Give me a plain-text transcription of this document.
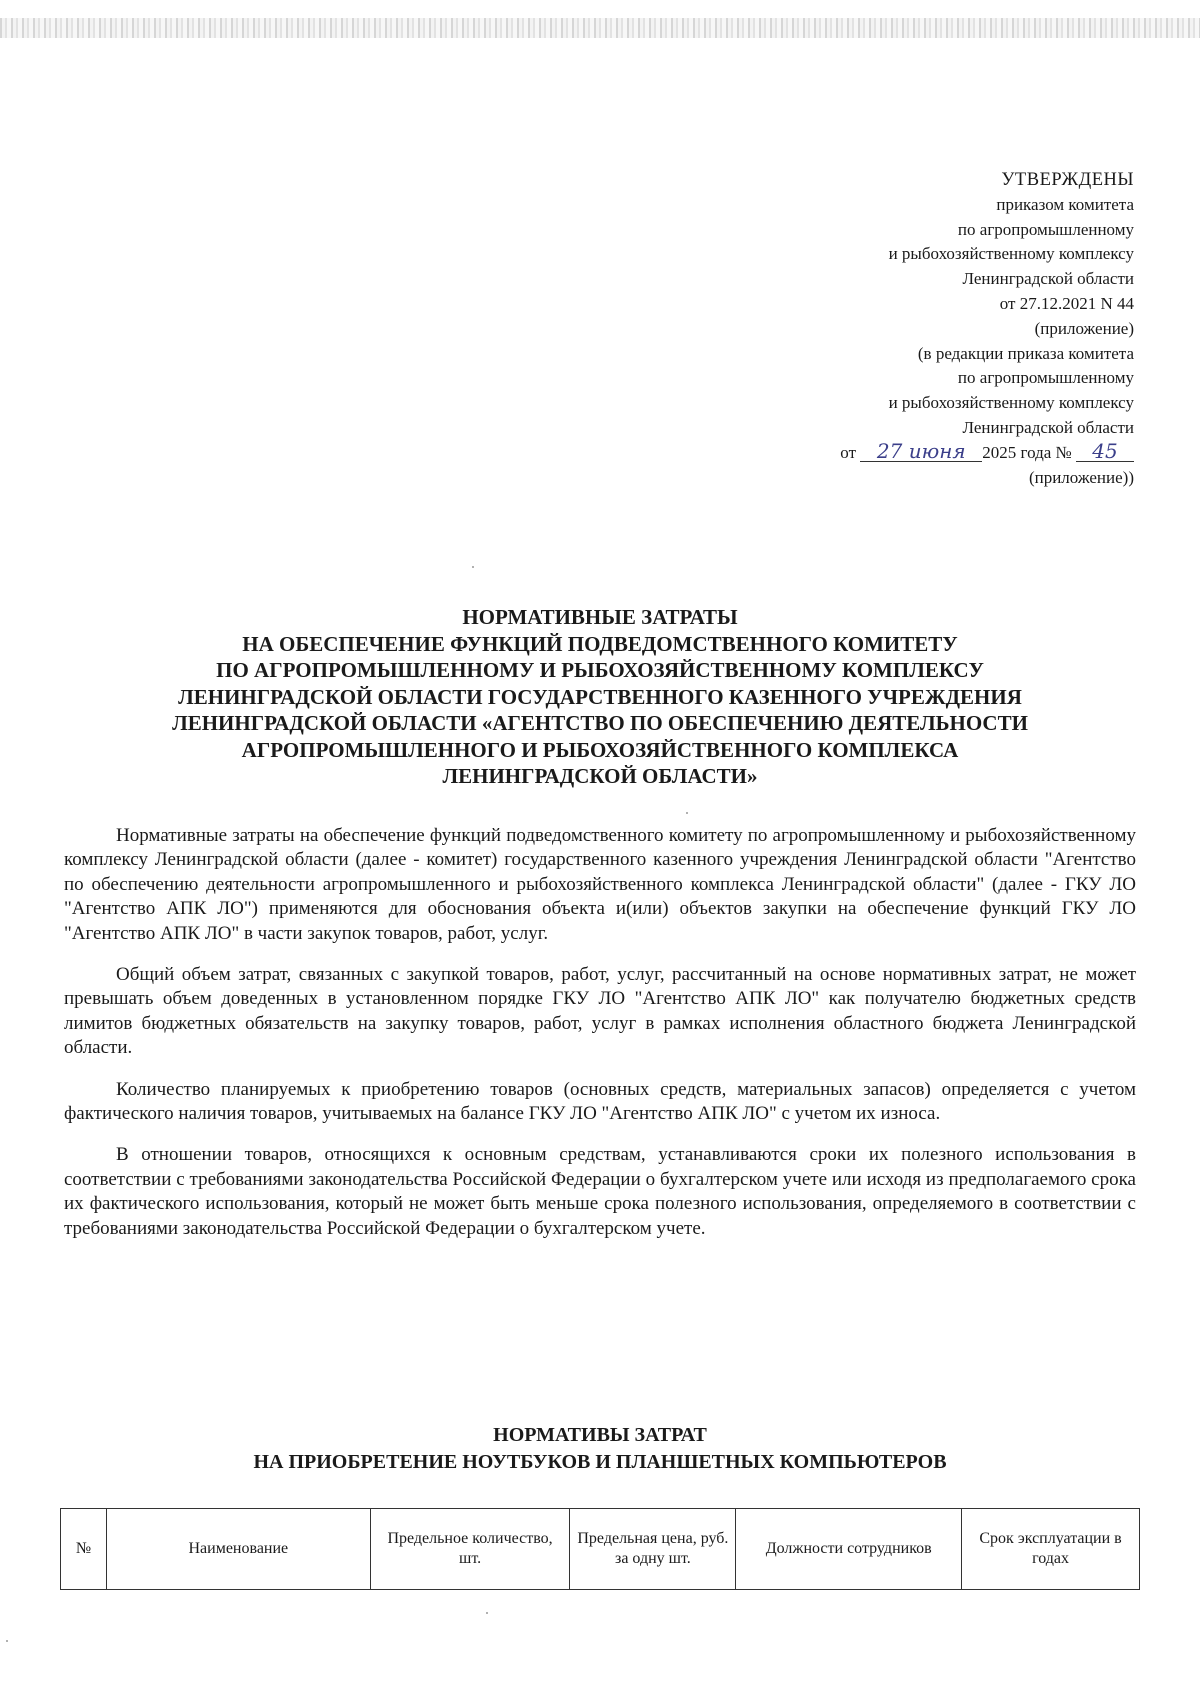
УТВЕРЖДЕНЫ
приказом комитета
по агропромышленному
и рыбохозяйственному комплексу
Ленинградской области
от 27.12.2021 N 44
(приложение)
(в редакции приказа комитета
по агропромышленному
и рыбохозяйственному комплексу
Ленинградской области
от 27 июня 2025 года № 45
(приложение))
НОРМАТИВНЫЕ ЗАТРАТЫ
НА ОБЕСПЕЧЕНИЕ ФУНКЦИЙ ПОДВЕДОМСТВЕННОГО КОМИТЕТУ
ПО АГРОПРОМЫШЛЕННОМУ И РЫБОХОЗЯЙСТВЕННОМУ КОМПЛЕКСУ
ЛЕНИНГРАДСКОЙ ОБЛАСТИ ГОСУДАРСТВЕННОГО КАЗЕННОГО УЧРЕЖДЕНИЯ
ЛЕНИНГРАДСКОЙ ОБЛАСТИ «АГЕНТСТВО ПО ОБЕСПЕЧЕНИЮ ДЕЯТЕЛЬНОСТИ
АГРОПРОМЫШЛЕННОГО И РЫБОХОЗЯЙСТВЕННОГО КОМПЛЕКСА
ЛЕНИНГРАДСКОЙ ОБЛАСТИ»

Нормативные затраты на обеспечение функций подведомственного комитету по агропромышленному и рыбохозяйственному комплексу Ленинградской области (далее - комитет) государственного казенного учреждения Ленинградской области "Агентство по обеспечению деятельности агропромышленного и рыбохозяйственного комплекса Ленинградской области" (далее - ГКУ ЛО "Агентство АПК ЛО") применяются для обоснования объекта и(или) объектов закупки на обеспечение функций ГКУ ЛО "Агентство АПК ЛО" в части закупок товаров, работ, услуг.

Общий объем затрат, связанных с закупкой товаров, работ, услуг, рассчитанный на основе нормативных затрат, не может превышать объем доведенных в установленном порядке ГКУ ЛО "Агентство АПК ЛО" как получателю бюджетных средств лимитов бюджетных обязательств на закупку товаров, работ, услуг в рамках исполнения областного бюджета Ленинградской области.

Количество планируемых к приобретению товаров (основных средств, материальных запасов) определяется с учетом фактического наличия товаров, учитываемых на балансе ГКУ ЛО "Агентство АПК ЛО" с учетом их износа.

В отношении товаров, относящихся к основным средствам, устанавливаются сроки их полезного использования в соответствии с требованиями законодательства Российской Федерации о бухгалтерском учете или исходя из предполагаемого срока их фактического использования, который не может быть меньше срока полезного использования, определяемого в соответствии с требованиями законодательства Российской Федерации о бухгалтерском учете.

НОРМАТИВЫ ЗАТРАТ
НА ПРИОБРЕТЕНИЕ НОУТБУКОВ И ПЛАНШЕТНЫХ КОМПЬЮТЕРОВ
№	Наименование	Предельное количество, шт.	Предельная цена, руб. за одну шт.	Должности сотрудников	Срок эксплуатации в годах
